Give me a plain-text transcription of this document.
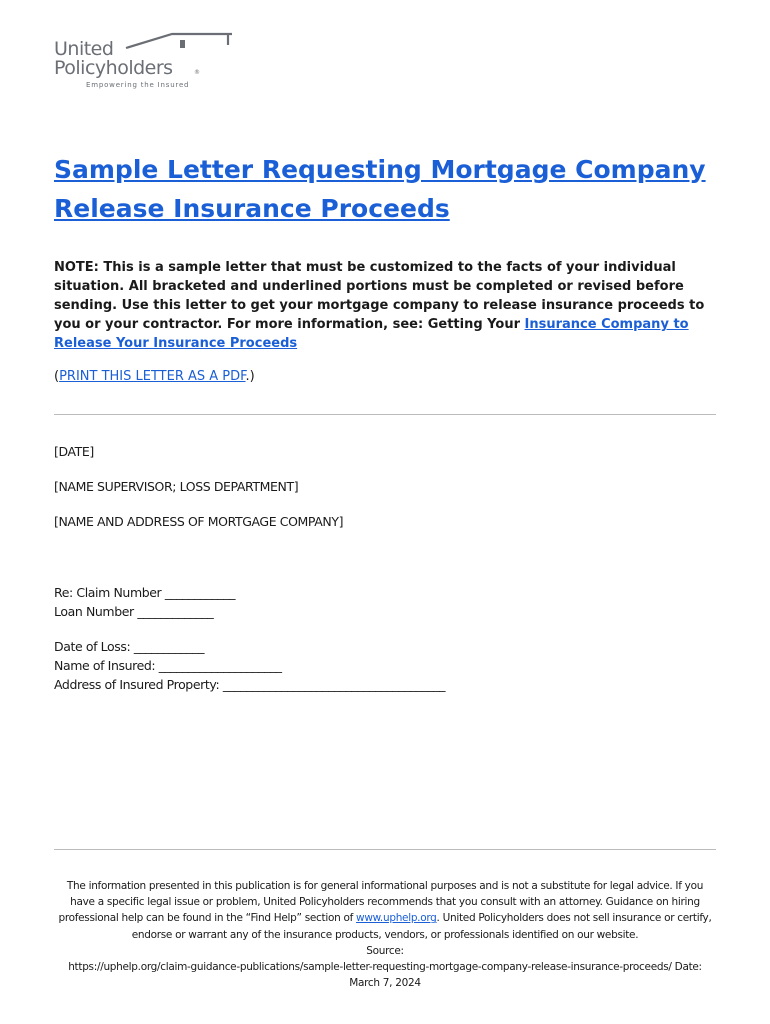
United
Policyholders	®
Empowering the Insured
Sample Letter Requesting Mortgage Company Release Insurance Proceeds

NOTE: This is a sample letter that must be customized to the facts of your individual situation. All bracketed and underlined portions must be completed or revised before sending. Use this letter to get your mortgage company to release insurance proceeds to you or your contractor. For more information, see: Getting Your Insurance Company to Release Your Insurance Proceeds

(PRINT THIS LETTER AS A PDF.)
[DATE]
[NAME SUPERVISOR; LOSS DEPARTMENT]
[NAME AND ADDRESS OF MORTGAGE COMPANY]
Re: Claim Number ____________
Loan Number _____________
Date of Loss: ____________
Name of Insured: _____________________
Address of Insured Property: ______________________________________
The information presented in this publication is for general informational purposes and is not a substitute for legal advice. If you have a specific legal issue or problem, United Policyholders recommends that you consult with an attorney. Guidance on hiring professional help can be found in the “Find Help” section of www.uphelp.org. United Policyholders does not sell insurance or certify, endorse or warrant any of the insurance products, vendors, or professionals identified on our website.
Source:
https://uphelp.org/claim-guidance-publications/sample-letter-requesting-mortgage-company-release-insurance-proceeds/ Date: March 7, 2024
